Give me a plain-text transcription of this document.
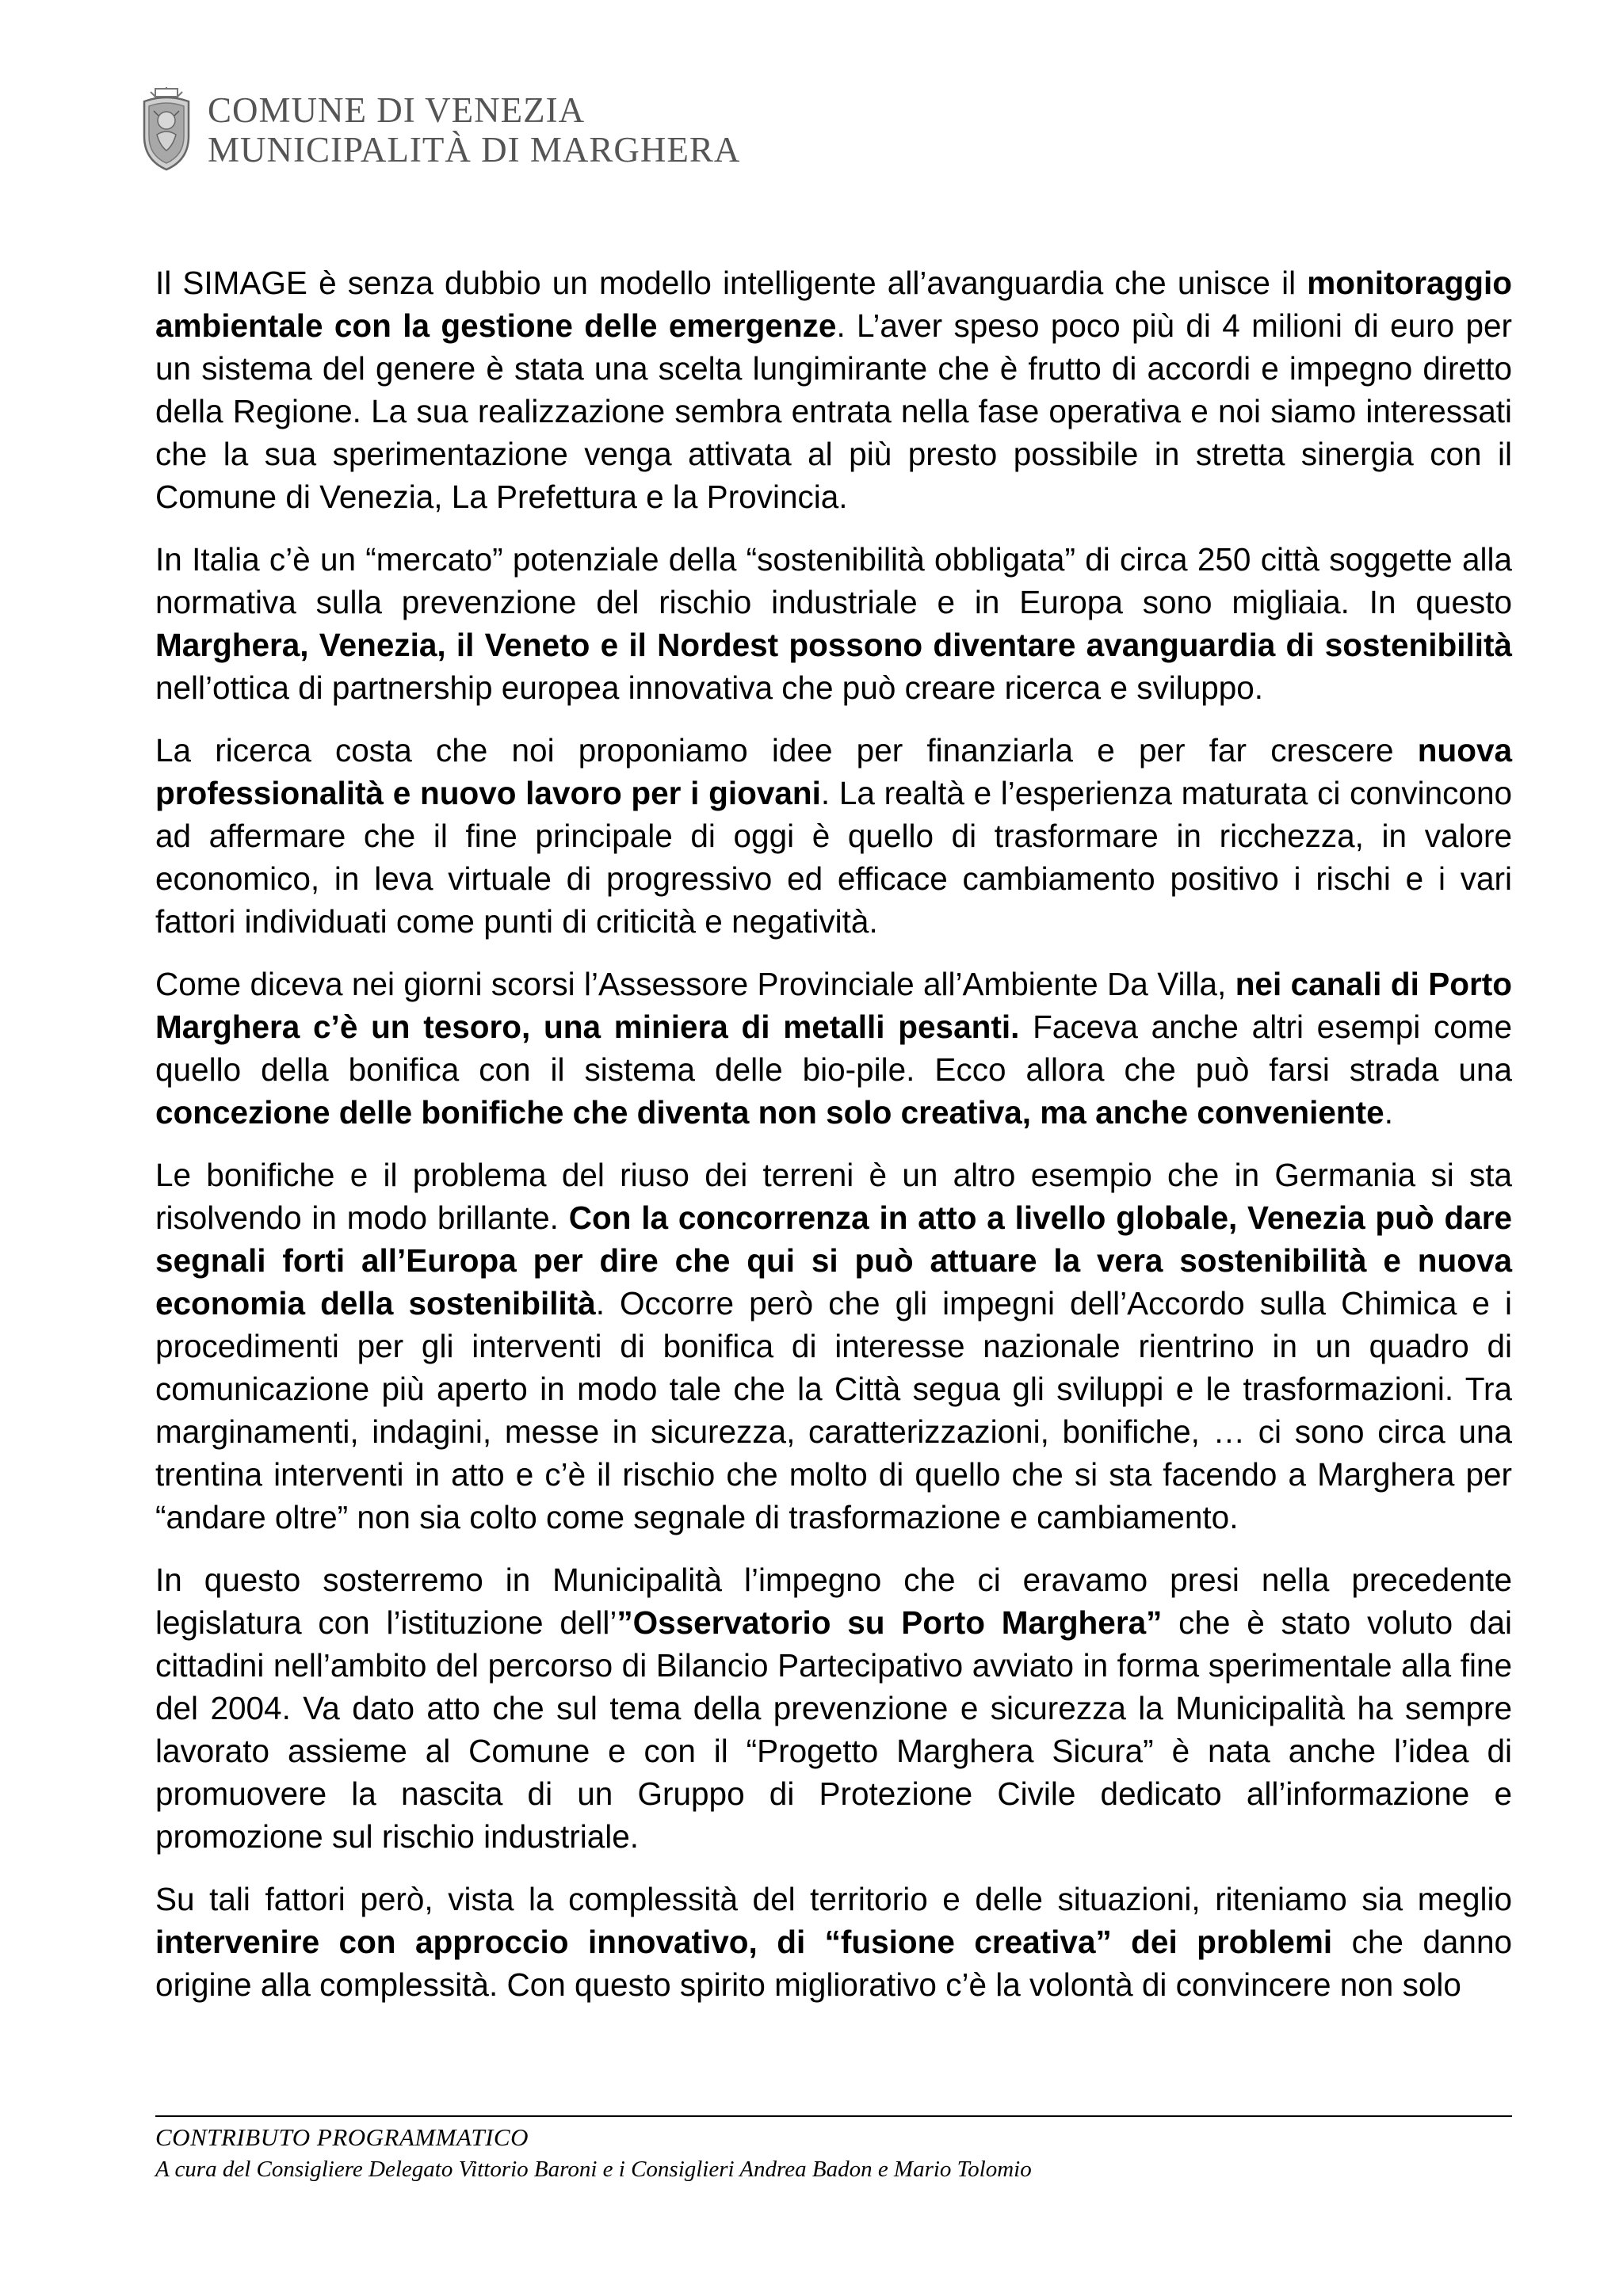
COMUNE DI VENEZIA
MUNICIPALITÀ DI MARGHERA

Il SIMAGE è senza dubbio un modello intelligente all’avanguardia che unisce il monitoraggio ambientale con la gestione delle emergenze. L’aver speso poco più di 4 milioni di euro per un sistema del genere è stata una scelta lungimirante che è frutto di accordi e impegno diretto della Regione. La sua realizzazione sembra entrata nella fase operativa e noi siamo interessati che la sua sperimentazione venga attivata al più presto possibile in stretta sinergia con il Comune di Venezia, La Prefettura e la Provincia.

In Italia c’è un “mercato” potenziale della “sostenibilità obbligata” di circa 250 città soggette alla normativa sulla prevenzione del rischio industriale e in Europa sono migliaia. In questo Marghera, Venezia, il Veneto e il Nordest possono diventare avanguardia di sostenibilità nell’ottica di partnership europea innovativa che può creare ricerca e sviluppo.

La ricerca costa che noi proponiamo idee per finanziarla e per far crescere nuova professionalità e nuovo lavoro per i giovani. La realtà e l’esperienza maturata ci convincono ad affermare che il fine principale di oggi è quello di trasformare in ricchezza, in valore economico, in leva virtuale di progressivo ed efficace cambiamento positivo i rischi e i vari fattori individuati come punti di criticità e negatività.

Come diceva nei giorni scorsi l’Assessore Provinciale all’Ambiente Da Villa, nei canali di Porto Marghera c’è un tesoro, una miniera di metalli pesanti. Faceva anche altri esempi come quello della bonifica con il sistema delle bio-pile. Ecco allora che può farsi strada una concezione delle bonifiche che diventa non solo creativa, ma anche conveniente.

Le bonifiche e il problema del riuso dei terreni è un altro esempio che in Germania si sta risolvendo in modo brillante. Con la concorrenza in atto a livello globale, Venezia può dare segnali forti all’Europa per dire che qui si può attuare la vera sostenibilità e nuova economia della sostenibilità. Occorre però che gli impegni dell’Accordo sulla Chimica e i procedimenti per gli interventi di bonifica di interesse nazionale rientrino in un quadro di comunicazione più aperto in modo tale che la Città segua gli sviluppi e le trasformazioni. Tra marginamenti, indagini, messe in sicurezza, caratterizzazioni, bonifiche, … ci sono circa una trentina interventi in atto e c’è il rischio che molto di quello che si sta facendo a Marghera per “andare oltre” non sia colto come segnale di trasformazione e cambiamento.

In questo sosterremo in Municipalità l’impegno che ci eravamo presi nella precedente legislatura con l’istituzione dell’”Osservatorio su Porto Marghera” che è stato voluto dai cittadini nell’ambito del percorso di Bilancio Partecipativo avviato in forma sperimentale alla fine del 2004. Va dato atto che sul tema della prevenzione e sicurezza la Municipalità ha sempre lavorato assieme al Comune e con il “Progetto Marghera Sicura” è nata anche l’idea di promuovere la nascita di un Gruppo di Protezione Civile dedicato all’informazione e promozione sul rischio industriale.

Su tali fattori però, vista la complessità del territorio e delle situazioni, riteniamo sia meglio intervenire con approccio innovativo, di “fusione creativa” dei problemi che danno origine alla complessità. Con questo spirito migliorativo c’è la volontà di convincere non solo

CONTRIBUTO PROGRAMMATICO
A cura del Consigliere Delegato Vittorio Baroni e i Consiglieri Andrea Badon e Mario Tolomio
